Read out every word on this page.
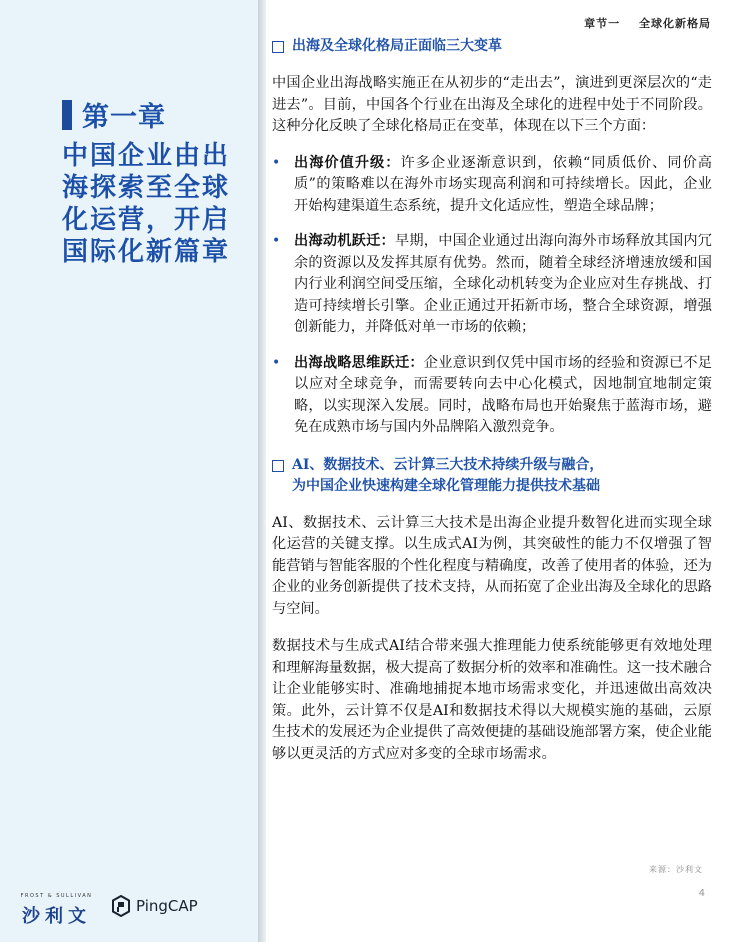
第一章
中国企业由出海探索至全球化运营，开启国际化新篇章
FROST & SULLIVAN
沙利文	PingCAP
章节一 全球化新格局
出海及全球化格局正面临三大变革

中国企业出海战略实施正在从初步的“走出去”，演进到更深层次的“走进去”。目前，中国各个行业在出海及全球化的进程中处于不同阶段。这种分化反映了全球化格局正在变革，体现在以下三个方面：

• 出海价值升级：许多企业逐渐意识到，依赖“同质低价、同价高质”的策略难以在海外市场实现高利润和可持续增长。因此，企业开始构建渠道生态系统，提升文化适应性，塑造全球品牌；
• 出海动机跃迁：早期，中国企业通过出海向海外市场释放其国内冗余的资源以及发挥其原有优势。然而，随着全球经济增速放缓和国内行业利润空间受压缩，全球化动机转变为企业应对生存挑战、打造可持续增长引擎。企业正通过开拓新市场，整合全球资源，增强创新能力，并降低对单一市场的依赖；
• 出海战略思维跃迁：企业意识到仅凭中国市场的经验和资源已不足以应对全球竞争，而需要转向去中心化模式，因地制宜地制定策略，以实现深入发展。同时，战略布局也开始聚焦于蓝海市场，避免在成熟市场与国内外品牌陷入激烈竞争。
AI、数据技术、云计算三大技术持续升级与融合，
为中国企业快速构建全球化管理能力提供技术基础

AI、数据技术、云计算三大技术是出海企业提升数智化进而实现全球化运营的关键支撑。以生成式AI为例，其突破性的能力不仅增强了智能营销与智能客服的个性化程度与精确度，改善了使用者的体验，还为企业的业务创新提供了技术支持，从而拓宽了企业出海及全球化的思路与空间。

数据技术与生成式AI结合带来强大推理能力使系统能够更有效地处理和理解海量数据，极大提高了数据分析的效率和准确性。这一技术融合让企业能够实时、准确地捕捉本地市场需求变化，并迅速做出高效决策。此外，云计算不仅是AI和数据技术得以大规模实施的基础，云原生技术的发展还为企业提供了高效便捷的基础设施部署方案，使企业能够以更灵活的方式应对多变的全球市场需求。

来源：沙利文
4
